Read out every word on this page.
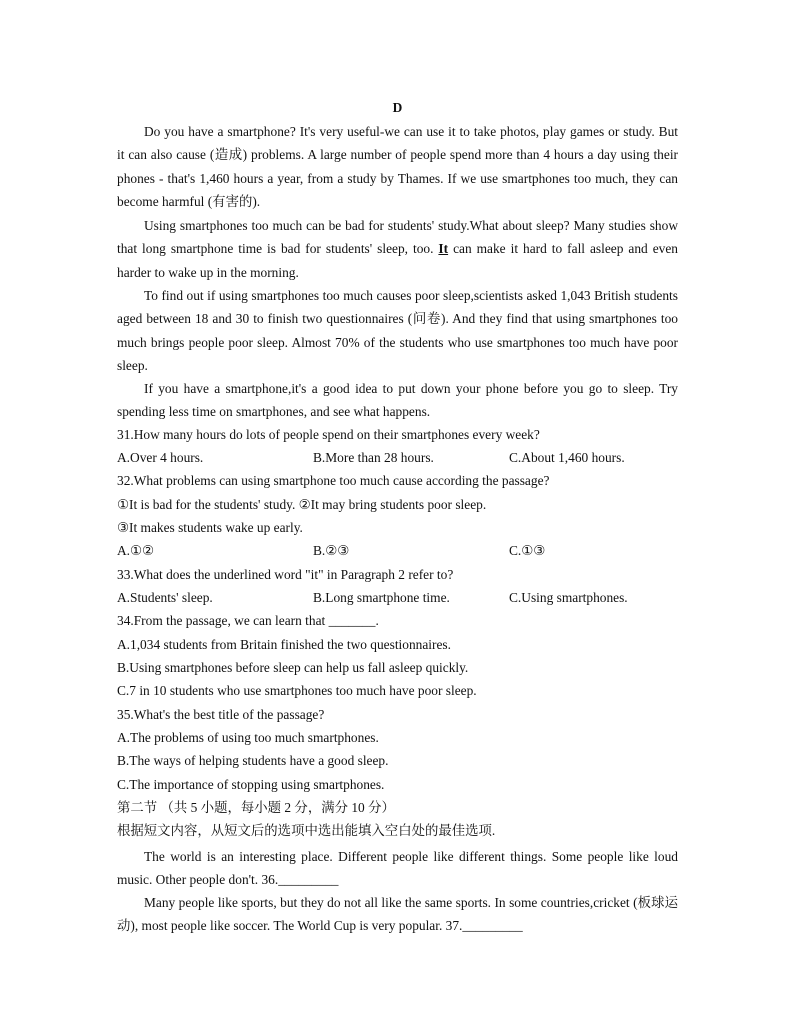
D

Do you have a smartphone? It's very useful-we can use it to take photos, play games or study. But it can also cause (造成) problems. A large number of people spend more than 4 hours a day using their phones - that's 1,460 hours a year, from a study by Thames. If we use smartphones too much, they can become harmful (有害的).

Using smartphones too much can be bad for students' study.What about sleep? Many studies show that long smartphone time is bad for students' sleep, too. It can make it hard to fall asleep and even harder to wake up in the morning.

To find out if using smartphones too much causes poor sleep,scientists asked 1,043 British students aged between 18 and 30 to finish two questionnaires (问卷). And they find that using smartphones too much brings people poor sleep. Almost 70% of the students who use smartphones too much have poor sleep.

If you have a smartphone,it's a good idea to put down your phone before you go to sleep. Try spending less time on smartphones, and see what happens.

31.How many hours do lots of people spend on their smartphones every week?
A.Over 4 hours.	B.More than 28 hours.	C.About 1,460 hours.
32.What problems can using smartphone too much cause according the passage?
①It is bad for the students' study. ②It may bring students poor sleep.
③It makes students wake up early.
A.①②	B.②③	C.①③
33.What does the underlined word "it" in Paragraph 2 refer to?
A.Students' sleep.	B.Long smartphone time.	C.Using smartphones.
34.From the passage, we can learn that _______.
A.1,034 students from Britain finished the two questionnaires.
B.Using smartphones before sleep can help us fall asleep quickly.
C.7 in 10 students who use smartphones too much have poor sleep.
35.What's the best title of the passage?
A.The problems of using too much smartphones.
B.The ways of helping students have a good sleep.
C.The importance of stopping using smartphones.
第二节 （共 5 小题，每小题 2 分，满分 10 分）
根据短文内容，从短文后的选项中选出能填入空白处的最佳选项.

The world is an interesting place. Different people like different things. Some people like loud music. Other people don't. 36._________

Many people like sports, but they do not all like the same sports. In some countries,cricket (板球运动), most people like soccer. The World Cup is very popular. 37._________
